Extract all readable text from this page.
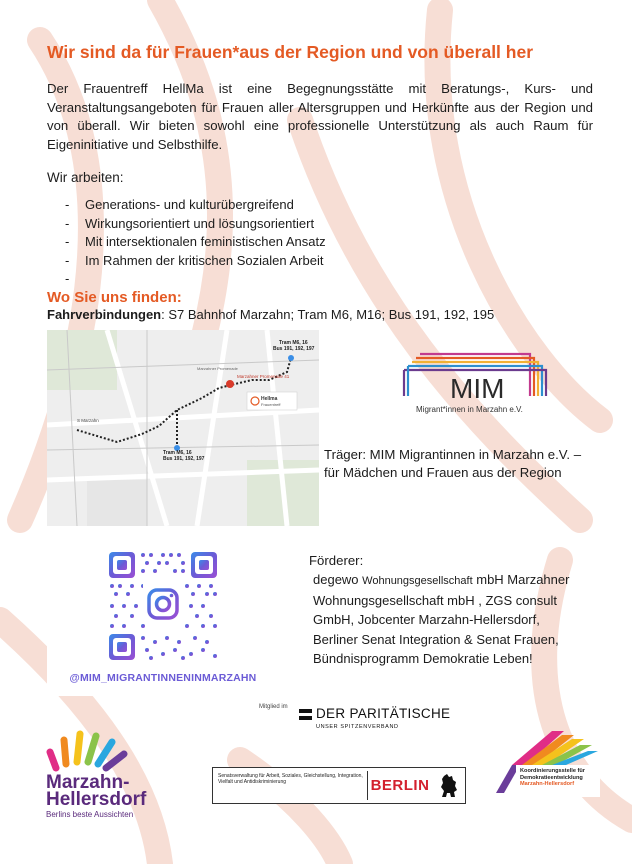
Wir sind da für Frauen*aus der Region und von überall her
Der Frauentreff HellMa ist eine Begegnungsstätte mit Beratungs-, Kurs- und Veranstaltungsangeboten für Frauen aller Altersgruppen und Herkünfte aus der Region und von überall. Wir bieten sowohl eine professionelle Unterstützung als auch Raum für Eigeninitiative und Selbsthilfe.
Wir arbeiten:
- Generations- und kulturübergreifend
- Wirkungsorientiert und lösungsorientiert
- Mit intersektionalen feministischen Ansatz
- Im Rahmen der kritischen Sozialen Arbeit
-
Wo Sie uns finden:
Fahrverbindungen: S7 Bahnhof Marzahn; Tram M6, M16; Bus 191, 192, 195
Tram M6, 16
Bus 191, 192, 197
Tram M6, 16
Bus 191, 192, 197
Marzahner Promenade 41
Hellma
Frauentreff
S Marzahn
Marzahner Promenade
MIM
Migrant*innen in Marzahn e.V.
Träger: MIM Migrantinnen in Marzahn e.V. – für Mädchen und Frauen aus der Region
@MIM_MIGRANTINNENINMARZAHN
Förderer:
degewo Wohnungsgesellschaft mbH Marzahner Wohnungsgesellschaft mbH , ZGS consult GmbH, Jobcenter Marzahn-Hellersdorf, Berliner Senat Integration & Senat Frauen, Bündnisprogramm Demokratie Leben!
Mitglied im DER PARITÄTISCHE
UNSER SPITZENVERBAND
Marzahn-
Hellersdorf
Berlins beste Aussichten
Senatsverwaltung für Arbeit, Soziales, Gleichstellung, Integration, Vielfalt und Antidiskriminierung	BERLIN
Koordinierungsstelle für Demokratieentwicklung
Marzahn-Hellersdorf
